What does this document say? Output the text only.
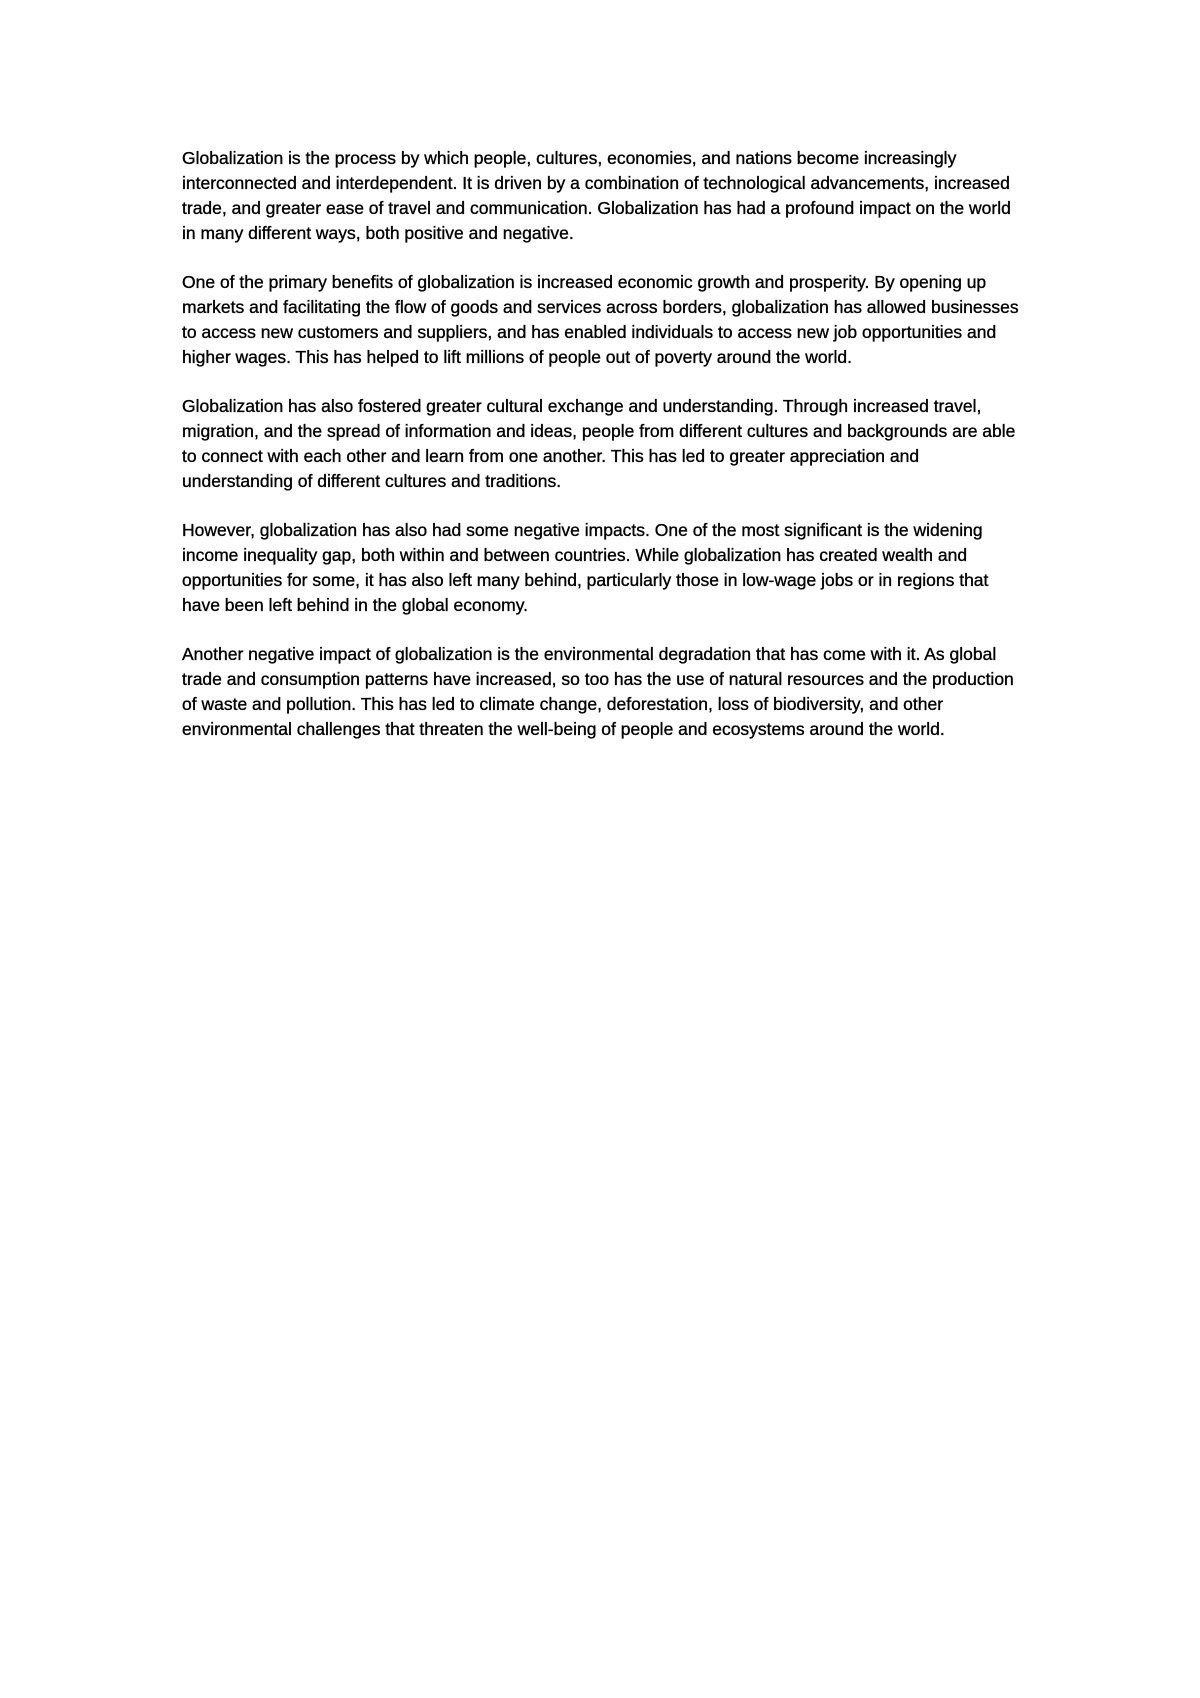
Globalization is the process by which people, cultures, economies, and nations become increasingly interconnected and interdependent. It is driven by a combination of technological advancements, increased trade, and greater ease of travel and communication. Globalization has had a profound impact on the world in many different ways, both positive and negative.

One of the primary benefits of globalization is increased economic growth and prosperity. By opening up markets and facilitating the flow of goods and services across borders, globalization has allowed businesses to access new customers and suppliers, and has enabled individuals to access new job opportunities and higher wages. This has helped to lift millions of people out of poverty around the world.

Globalization has also fostered greater cultural exchange and understanding. Through increased travel, migration, and the spread of information and ideas, people from different cultures and backgrounds are able to connect with each other and learn from one another. This has led to greater appreciation and understanding of different cultures and traditions.

However, globalization has also had some negative impacts. One of the most significant is the widening income inequality gap, both within and between countries. While globalization has created wealth and opportunities for some, it has also left many behind, particularly those in low-wage jobs or in regions that have been left behind in the global economy.

Another negative impact of globalization is the environmental degradation that has come with it. As global trade and consumption patterns have increased, so too has the use of natural resources and the production of waste and pollution. This has led to climate change, deforestation, loss of biodiversity, and other environmental challenges that threaten the well-being of people and ecosystems around the world.
